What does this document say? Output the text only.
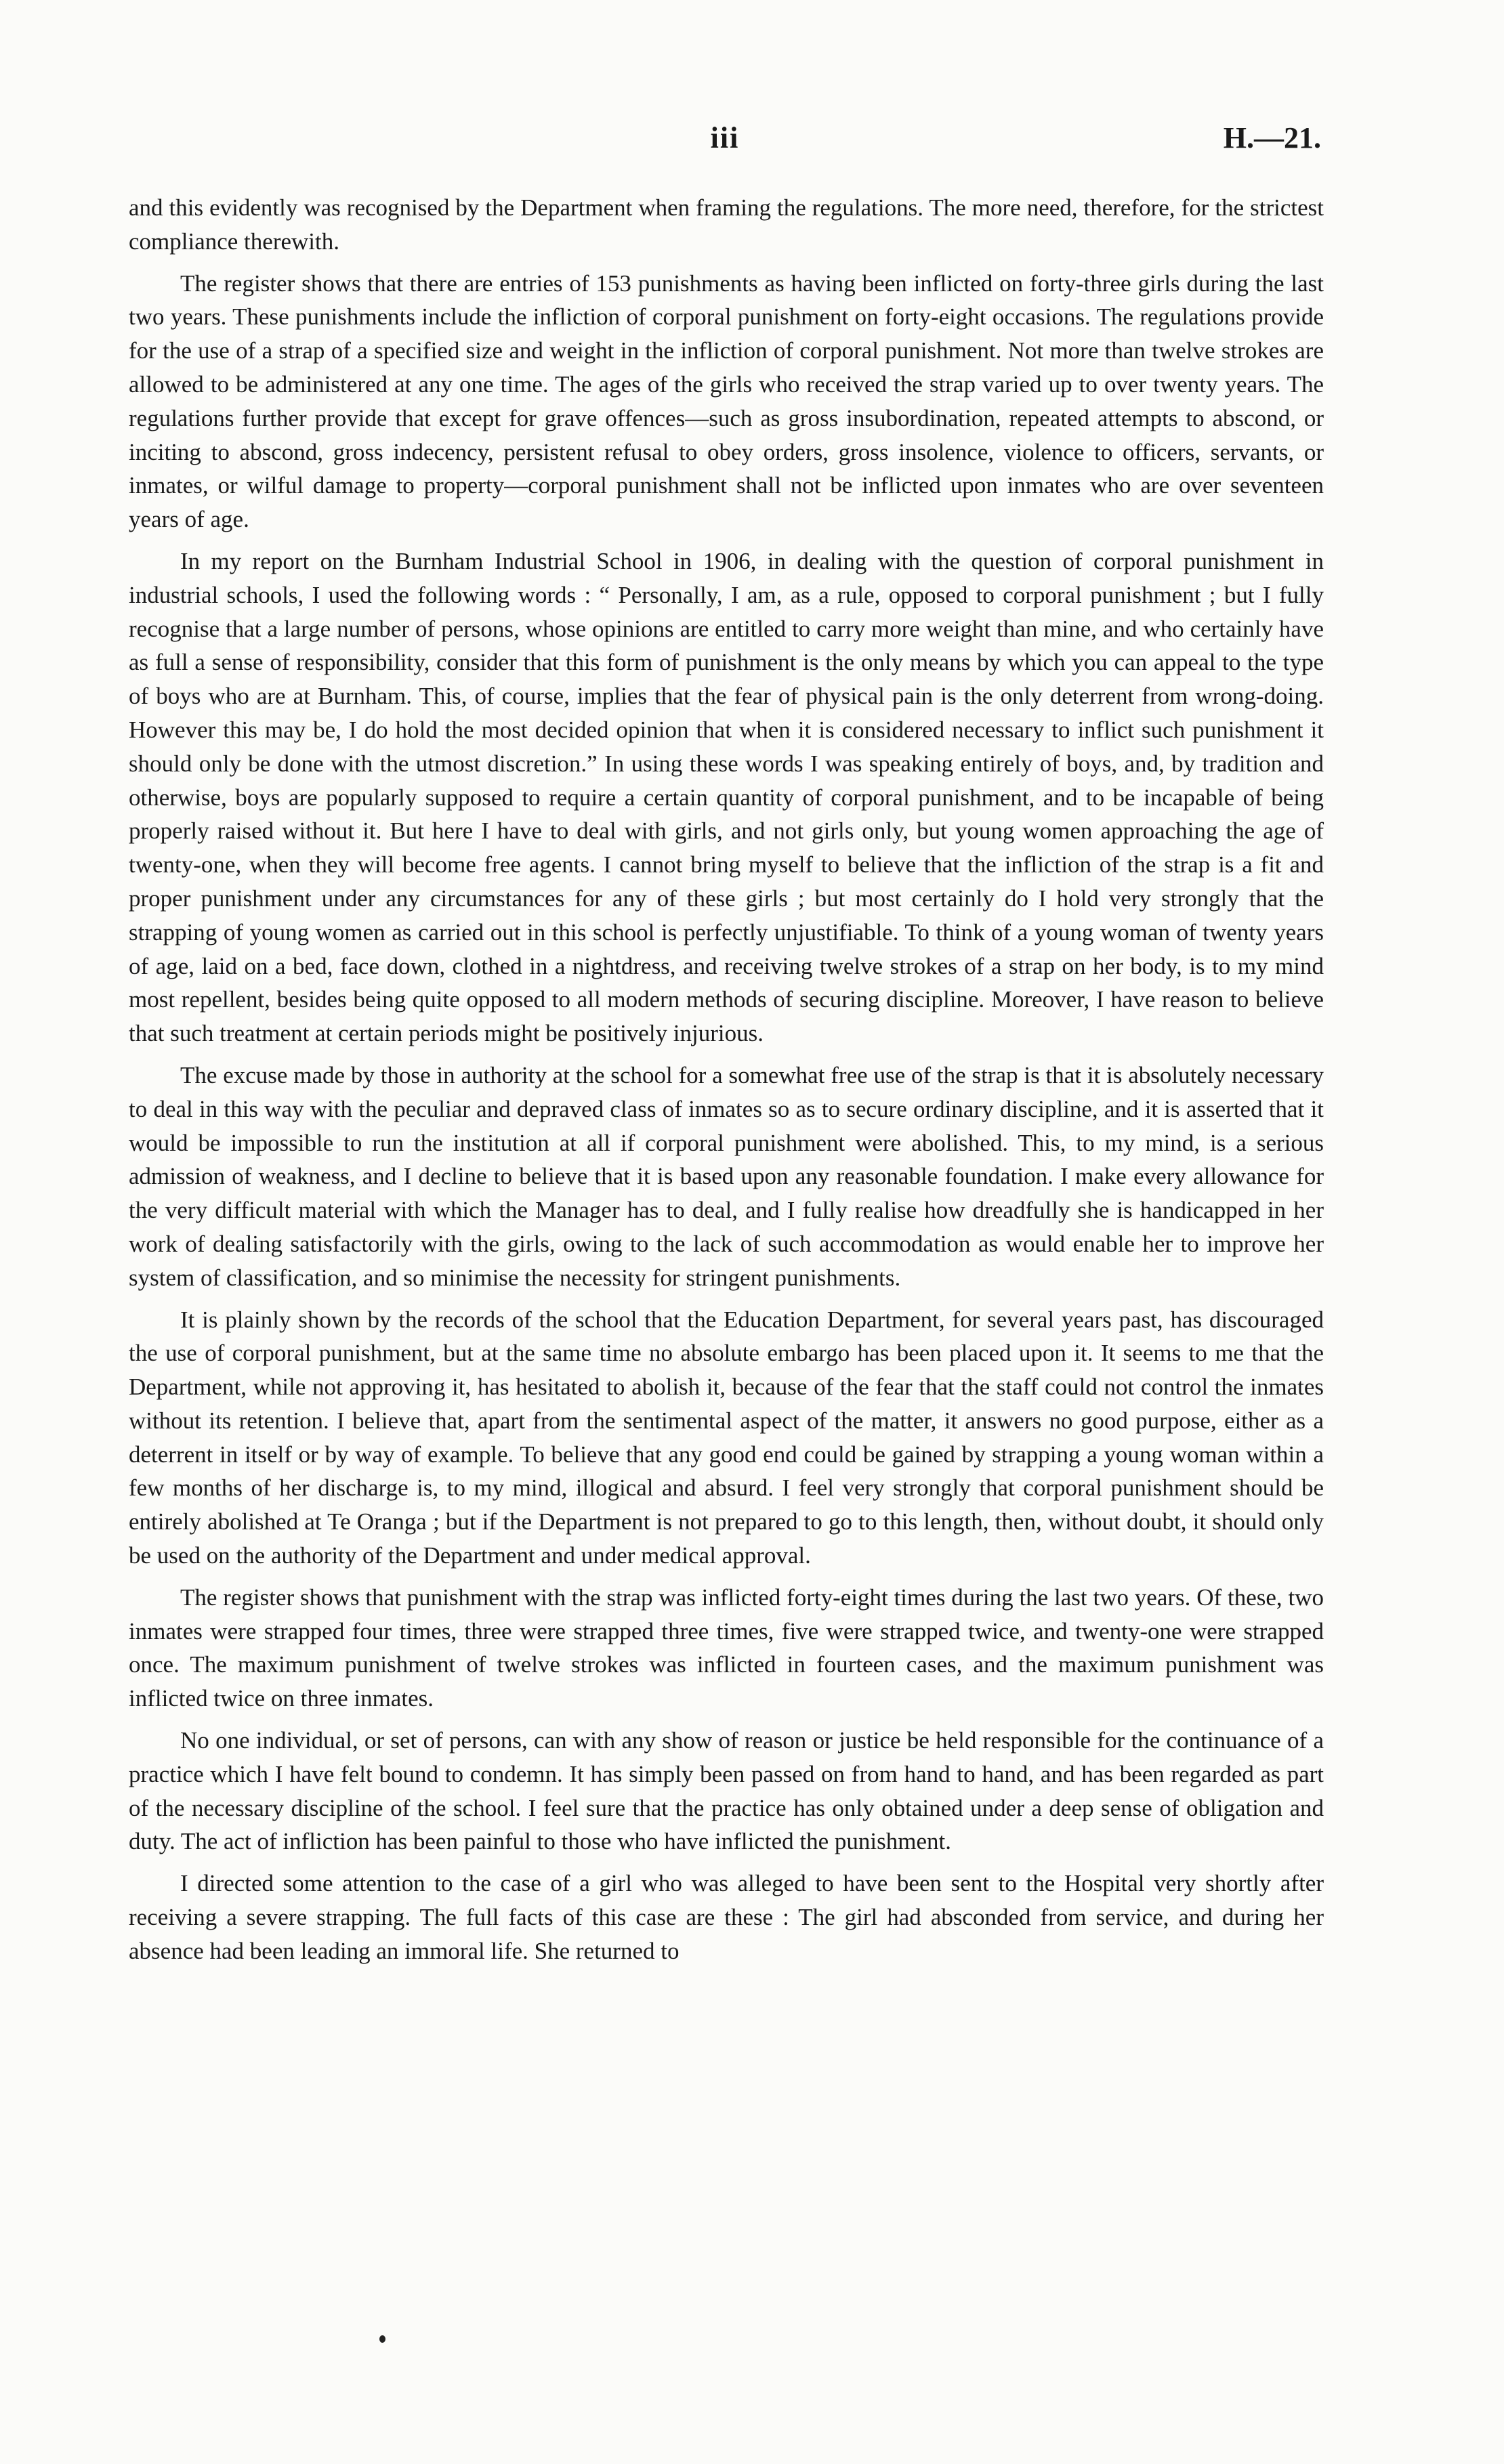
iii	H.—21.

and this evidently was recognised by the Department when framing the regulations. The more need, therefore, for the strictest compliance therewith.

The register shows that there are entries of 153 punishments as having been inflicted on forty-three girls during the last two years. These punishments include the infliction of corporal punishment on forty-eight occasions. The regulations provide for the use of a strap of a specified size and weight in the infliction of corporal punishment. Not more than twelve strokes are allowed to be administered at any one time. The ages of the girls who received the strap varied up to over twenty years. The regulations further provide that except for grave offences—such as gross insubordination, repeated attempts to abscond, or inciting to abscond, gross indecency, persistent refusal to obey orders, gross insolence, violence to officers, servants, or inmates, or wilful damage to property—corporal punishment shall not be inflicted upon inmates who are over seventeen years of age.

In my report on the Burnham Industrial School in 1906, in dealing with the question of corporal punishment in industrial schools, I used the following words : “ Personally, I am, as a rule, opposed to corporal punishment ; but I fully recognise that a large number of persons, whose opinions are entitled to carry more weight than mine, and who certainly have as full a sense of responsibility, consider that this form of punishment is the only means by which you can appeal to the type of boys who are at Burnham. This, of course, implies that the fear of physical pain is the only deterrent from wrong-doing. However this may be, I do hold the most decided opinion that when it is considered necessary to inflict such punishment it should only be done with the utmost discretion.” In using these words I was speaking entirely of boys, and, by tradition and otherwise, boys are popularly supposed to require a certain quantity of corporal punishment, and to be incapable of being properly raised without it. But here I have to deal with girls, and not girls only, but young women approaching the age of twenty-one, when they will become free agents. I cannot bring myself to believe that the infliction of the strap is a fit and proper punishment under any circumstances for any of these girls ; but most certainly do I hold very strongly that the strapping of young women as carried out in this school is perfectly unjustifiable. To think of a young woman of twenty years of age, laid on a bed, face down, clothed in a nightdress, and receiving twelve strokes of a strap on her body, is to my mind most repellent, besides being quite opposed to all modern methods of securing discipline. Moreover, I have reason to believe that such treatment at certain periods might be positively injurious.

The excuse made by those in authority at the school for a somewhat free use of the strap is that it is absolutely necessary to deal in this way with the peculiar and depraved class of inmates so as to secure ordinary discipline, and it is asserted that it would be impossible to run the institution at all if corporal punishment were abolished. This, to my mind, is a serious admission of weakness, and I decline to believe that it is based upon any reasonable foundation. I make every allowance for the very difficult material with which the Manager has to deal, and I fully realise how dreadfully she is handicapped in her work of dealing satisfactorily with the girls, owing to the lack of such accommodation as would enable her to improve her system of classification, and so minimise the necessity for stringent punishments.

It is plainly shown by the records of the school that the Education Department, for several years past, has discouraged the use of corporal punishment, but at the same time no absolute embargo has been placed upon it. It seems to me that the Department, while not approving it, has hesitated to abolish it, because of the fear that the staff could not control the inmates without its retention. I believe that, apart from the sentimental aspect of the matter, it answers no good purpose, either as a deterrent in itself or by way of example. To believe that any good end could be gained by strapping a young woman within a few months of her discharge is, to my mind, illogical and absurd. I feel very strongly that corporal punishment should be entirely abolished at Te Oranga ; but if the Department is not prepared to go to this length, then, without doubt, it should only be used on the authority of the Department and under medical approval.

The register shows that punishment with the strap was inflicted forty-eight times during the last two years. Of these, two inmates were strapped four times, three were strapped three times, five were strapped twice, and twenty-one were strapped once. The maximum punishment of twelve strokes was inflicted in fourteen cases, and the maximum punishment was inflicted twice on three inmates.

No one individual, or set of persons, can with any show of reason or justice be held responsible for the continuance of a practice which I have felt bound to condemn. It has simply been passed on from hand to hand, and has been regarded as part of the necessary discipline of the school. I feel sure that the practice has only obtained under a deep sense of obligation and duty. The act of infliction has been painful to those who have inflicted the punishment.

I directed some attention to the case of a girl who was alleged to have been sent to the Hospital very shortly after receiving a severe strapping. The full facts of this case are these : The girl had absconded from service, and during her absence had been leading an immoral life. She returned to
